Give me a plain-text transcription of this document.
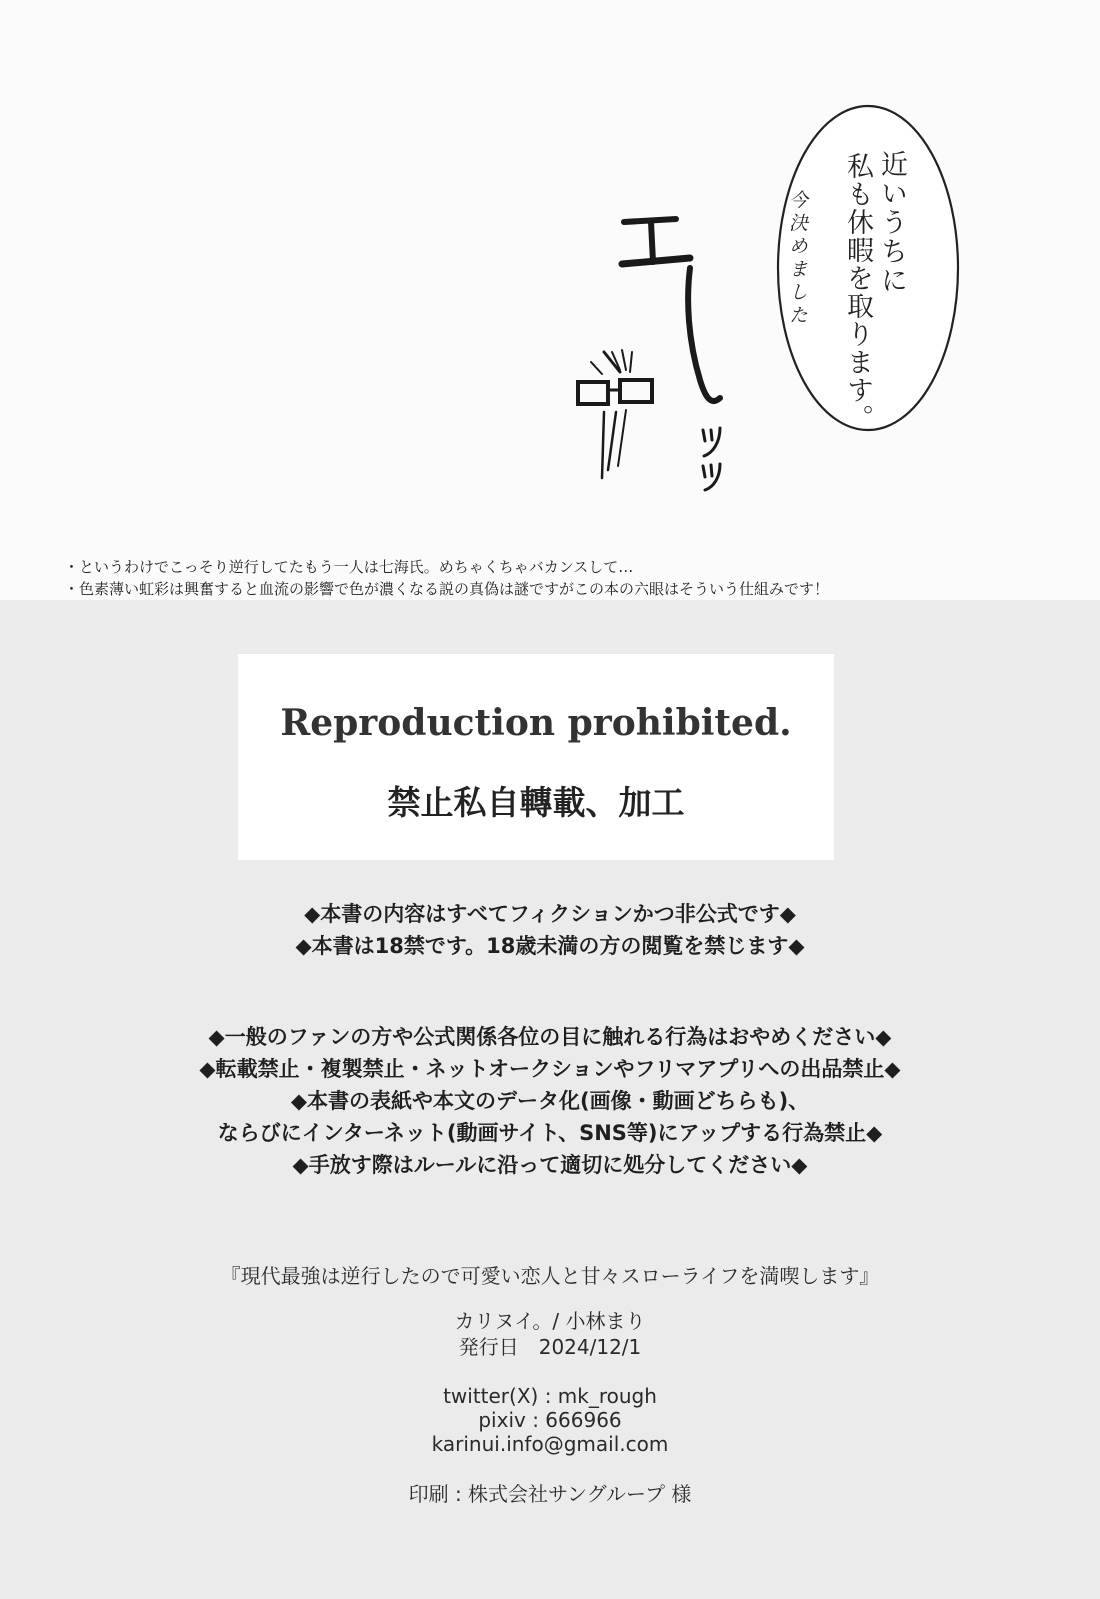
近いうちに
私も休暇を取ります。
今決めました
・というわけでこっそり逆行してたもう一人は七海氏。めちゃくちゃバカンスして…
・色素薄い虹彩は興奮すると血流の影響で色が濃くなる説の真偽は謎ですがこの本の六眼はそういう仕組みです！
Reproduction prohibited.
禁止私自轉載、加工
◆本書の内容はすべてフィクションかつ非公式です◆
◆本書は18禁です。18歳未満の方の閲覧を禁じます◆
◆一般のファンの方や公式関係各位の目に触れる行為はおやめください◆
◆転載禁止・複製禁止・ネットオークションやフリマアプリへの出品禁止◆
◆本書の表紙や本文のデータ化(画像・動画どちらも)、
ならびにインターネット(動画サイト、SNS等)にアップする行為禁止◆
◆手放す際はルールに沿って適切に処分してください◆
『現代最強は逆行したので可愛い恋人と甘々スローライフを満喫します』
カリヌイ。/ 小林まり
発行日　2024/12/1
twitter(X) : mk_rough
pixiv : 666966
karinui.info@gmail.com
印刷 : 株式会社サングループ 様
